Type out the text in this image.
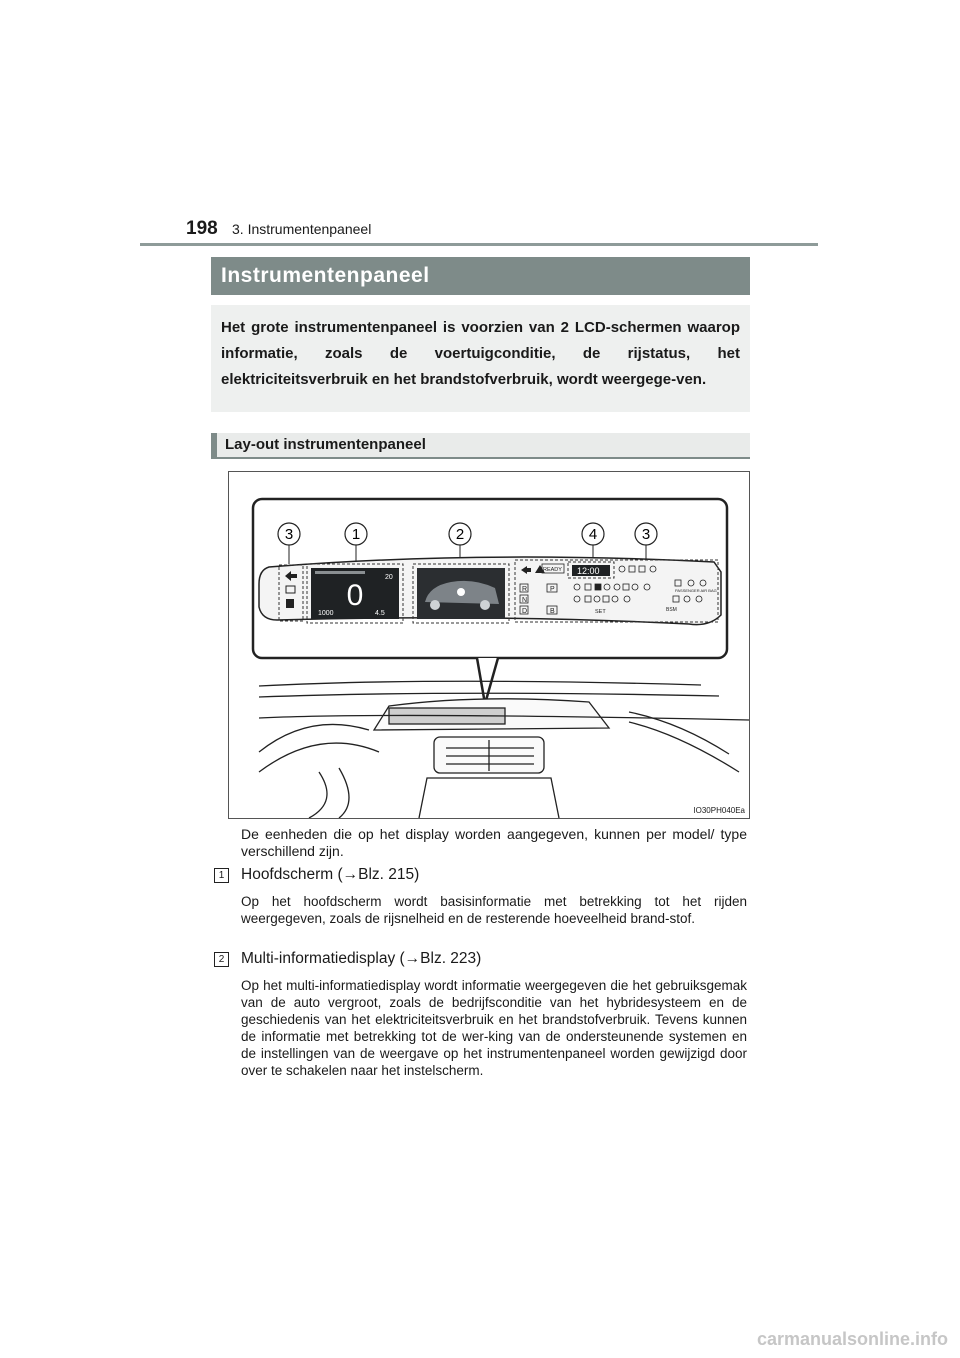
198 3. Instrumentenpaneel
Instrumentenpaneel
Het grote instrumentenpaneel is voorzien van 2 LCD-schermen waarop informatie, zoals de voertuigconditie, de rijstatus, het elektriciteitsverbruik en het brandstofverbruik, wordt weergege-ven.
Lay-out instrumentenpaneel
3	1	2	4	3
20
0
1000	4.5
READY 12:00
R
N
D
P
B	SET	BSM
PASSENGER AIR BAG
IO30PH040Ea
De eenheden die op het display worden aangegeven, kunnen per model/ type verschillend zijn.
1	Hoofdscherm (→Blz. 215)
Op het hoofdscherm wordt basisinformatie met betrekking tot het rijden weergegeven, zoals de rijsnelheid en de resterende hoeveelheid brand-stof.
2	Multi-informatiedisplay (→Blz. 223)
Op het multi-informatiedisplay wordt informatie weergegeven die het gebruiksgemak van de auto vergroot, zoals de bedrijfsconditie van het hybridesysteem en de geschiedenis van het elektriciteitsverbruik en het brandstofverbruik. Tevens kunnen de informatie met betrekking tot de wer-king van de ondersteunende systemen en de instellingen van de weergave op het instrumentenpaneel worden gewijzigd door over te schakelen naar het instelscherm.
carmanualsonline.info
